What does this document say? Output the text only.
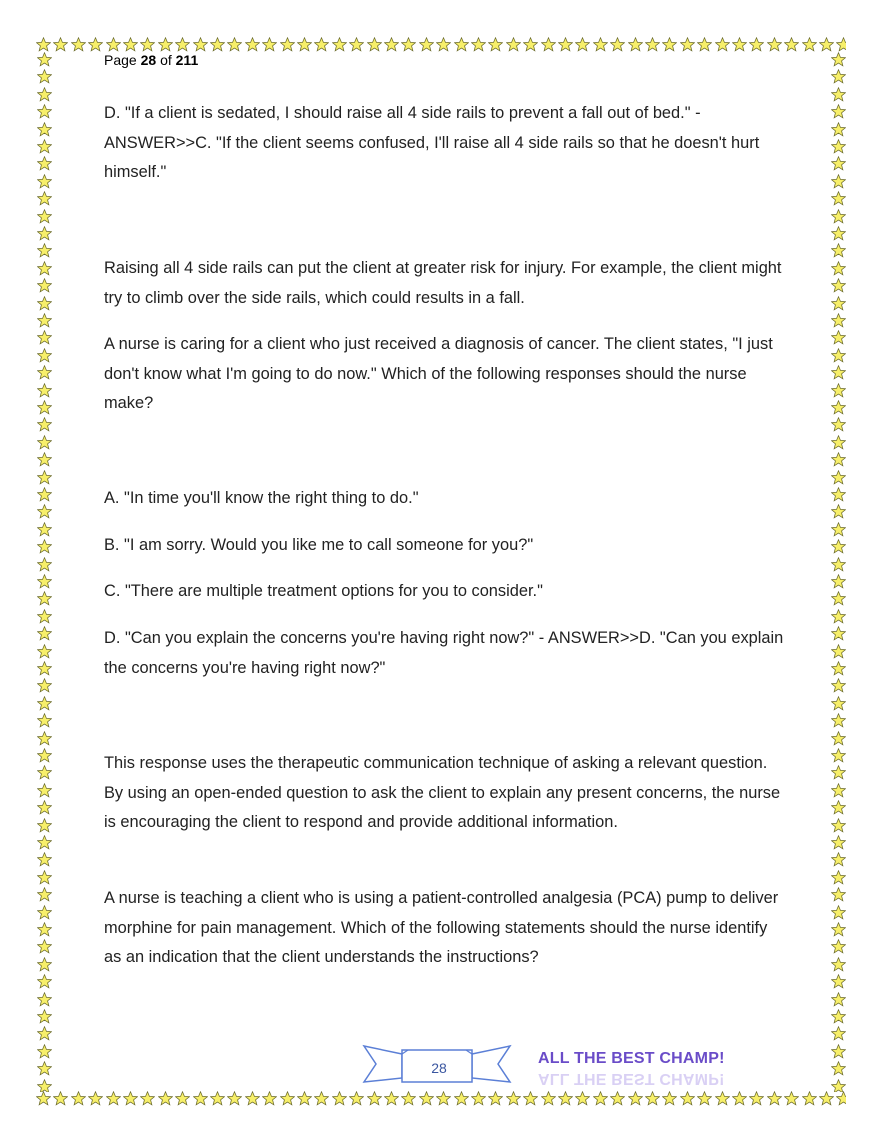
Page 28 of 211

D. "If a client is sedated, I should raise all 4 side rails to prevent a fall out of bed." - ANSWER>>C. "If the client seems confused, I'll raise all 4 side rails so that he doesn't hurt himself."

Raising all 4 side rails can put the client at greater risk for injury. For example, the client might try to climb over the side rails, which could results in a fall.

A nurse is caring for a client who just received a diagnosis of cancer. The client states, "I just don't know what I'm going to do now." Which of the following responses should the nurse make?

A. "In time you'll know the right thing to do."

B. "I am sorry. Would you like me to call someone for you?"

C. "There are multiple treatment options for you to consider."

D. "Can you explain the concerns you're having right now?" - ANSWER>>D. "Can you explain the concerns you're having right now?"

This response uses the therapeutic communication technique of asking a relevant question. By using an open-ended question to ask the client to explain any present concerns, the nurse is encouraging the client to respond and provide additional information.

A nurse is teaching a client who is using a patient-controlled analgesia (PCA) pump to deliver morphine for pain management. Which of the following statements should the nurse identify as an indication that the client understands the instructions?

28
ALL THE BEST CHAMP!
ALL THE BEST CHAMP!
